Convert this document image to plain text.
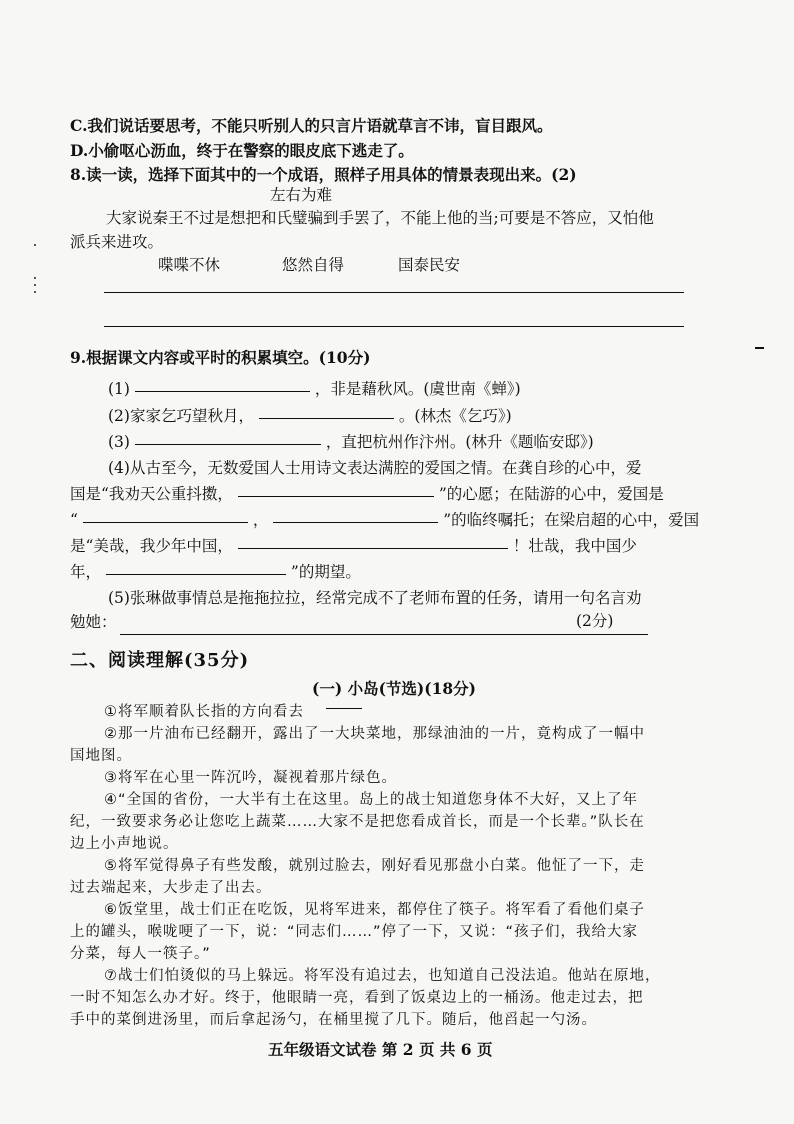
C.我们说话要思考，不能只听别人的只言片语就草言不讳，盲目跟风。
D.小偷呕心沥血，终于在警察的眼皮底下逃走了。
8.读一读，选择下面其中的一个成语，照样子用具体的情景表现出来。(2)
左右为难
大家说秦王不过是想把和氏璧骗到手罢了，不能上他的当;可要是不答应，又怕他
派兵来进攻。
喋喋不休	悠然自得	国泰民安
9.根据课文内容或平时的积累填空。(10分)
(1)	，非是藉秋风。(虞世南《蝉》)
(2)家家乞巧望秋月，	。(林杰《乞巧》)
(3)	，直把杭州作汴州。(林升《题临安邸》)
(4)从古至今，无数爱国人士用诗文表达满腔的爱国之情。在龚自珍的心中，爱
国是“我劝天公重抖擞，	”的心愿；在陆游的心中，爱国是
“	，	”的临终嘱托；在梁启超的心中，爱国
是“美哉，我少年中国，	！壮哉，我中国少
年，	”的期望。
(5)张琳做事情总是拖拖拉拉，经常完成不了老师布置的任务，请用一句名言劝
勉她：	(2分)
二、阅读理解(35分)
(一) 小岛(节选)(18分)
①将军顺着队长指的方向看去
②那一片油布已经翻开，露出了一大块菜地，那绿油油的一片，竟构成了一幅中
国地图。
③将军在心里一阵沉吟，凝视着那片绿色。
④“全国的省份，一大半有土在这里。岛上的战士知道您身体不大好，又上了年
纪，一致要求务必让您吃上蔬菜……大家不是把您看成首长，而是一个长辈。”队长在
边上小声地说。
⑤将军觉得鼻子有些发酸，就别过脸去，刚好看见那盘小白菜。他怔了一下，走
过去端起来，大步走了出去。
⑥饭堂里，战士们正在吃饭，见将军进来，都停住了筷子。将军看了看他们桌子
上的罐头，喉咙哽了一下，说：“同志们……”停了一下，又说：“孩子们，我给大家
分菜，每人一筷子。”
⑦战士们怕烫似的马上躲远。将军没有追过去，也知道自己没法追。他站在原地，
一时不知怎么办才好。终于，他眼睛一亮，看到了饭桌边上的一桶汤。他走过去，把
手中的菜倒进汤里，而后拿起汤勺，在桶里搅了几下。随后，他舀起一勺汤。
五年级语文试卷 第 2 页 共 6 页
